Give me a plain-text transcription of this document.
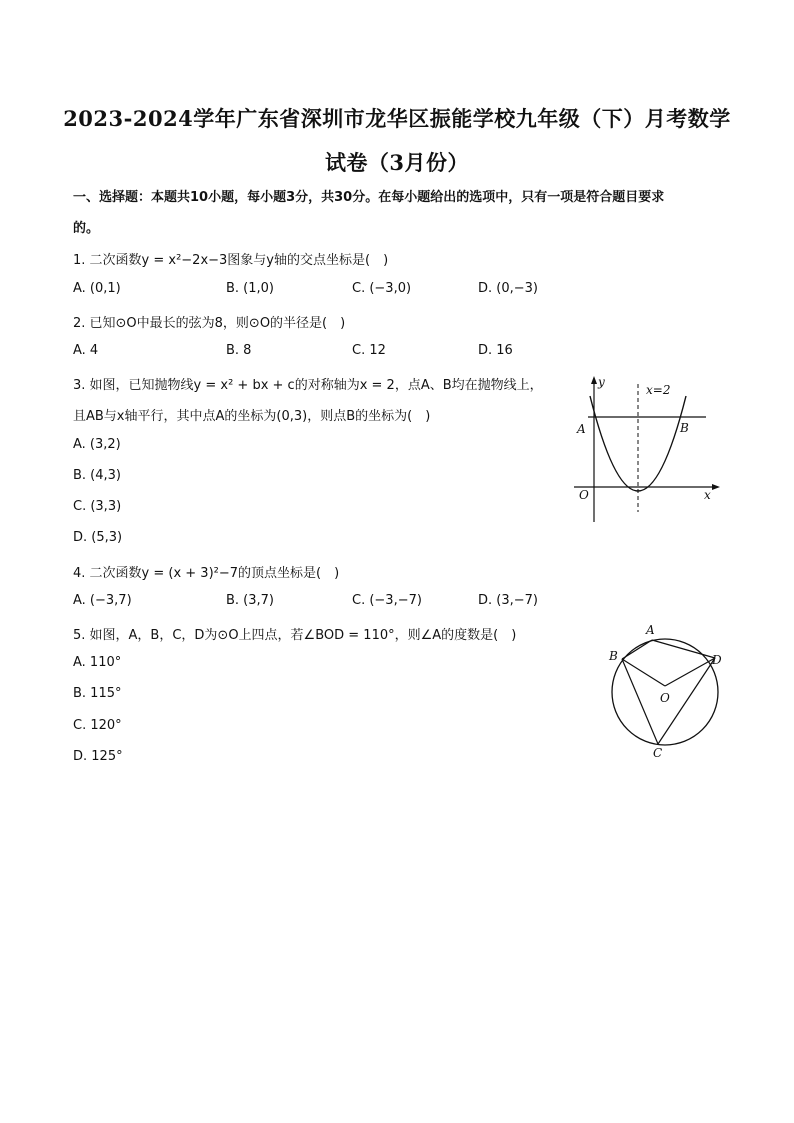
2023-2024学年广东省深圳市龙华区振能学校九年级（下）月考数学
试卷（3月份）
一、选择题：本题共10小题，每小题3分，共30分。在每小题给出的选项中，只有一项是符合题目要求
的。
1. 二次函数y = x²−2x−3图象与y轴的交点坐标是(　)
A. (0,1)	B. (1,0)	C. (−3,0)	D. (0,−3)
2. 已知⊙O中最长的弦为8，则⊙O的半径是(　)
A. 4	B. 8	C. 12	D. 16
3. 如图，已知抛物线y = x² + bx + c的对称轴为x = 2，点A、B均在抛物线上，
且AB与x轴平行，其中点A的坐标为(0,3)，则点B的坐标为(　)
A. (3,2)
B. (4,3)
C. (3,3)
D. (5,3)
y
x=2
A	B
O	x
4. 二次函数y = (x + 3)²−7的顶点坐标是(　)
A. (−3,7)	B. (3,7)	C. (−3,−7)	D. (3,−7)
5. 如图，A，B，C，D为⊙O上四点，若∠BOD = 110°，则∠A的度数是(　)
A. 110°
B. 115°
C. 120°
D. 125°
A
B
C
D
O
